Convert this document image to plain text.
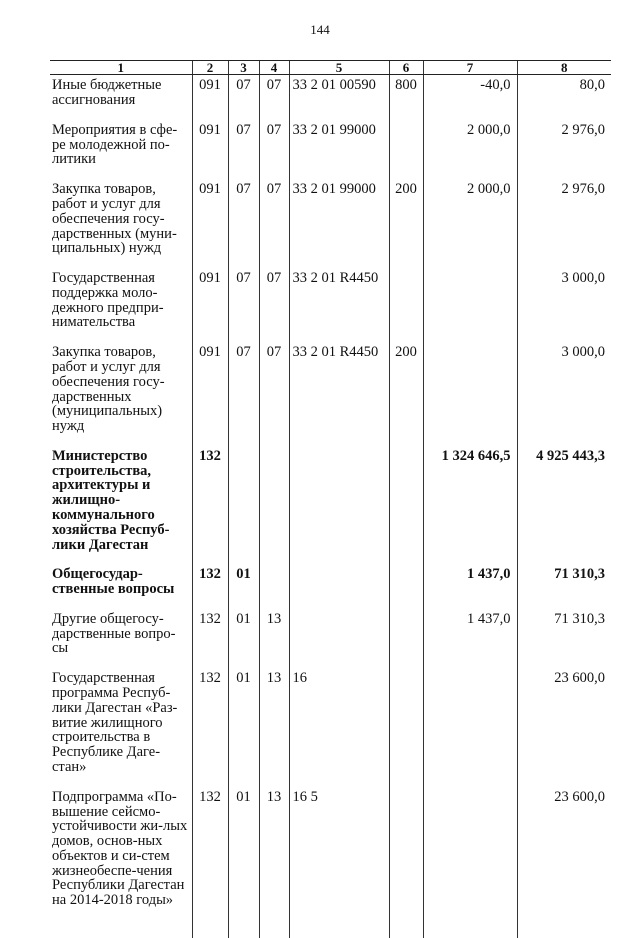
144
1	2	3	4	5	6	7	8
Иные бюджетные ассигнования	091	07	07	33 2 01 00590	800	-40,0	80,0
Мероприятия в сфе-ре молодежной по-литики	091	07	07	33 2 01 99000		2 000,0	2 976,0
Закупка товаров, работ и услуг для обеспечения госу-дарственных (муни-ципальных) нужд	091	07	07	33 2 01 99000	200	2 000,0	2 976,0
Государственная поддержка моло-дежного предпри-нимательства	091	07	07	33 2 01 R4450			3 000,0
Закупка товаров, работ и услуг для обеспечения госу-дарственных (муниципальных) нужд	091	07	07	33 2 01 R4450	200		3 000,0
Министерство строительства, архитектуры и жилищно-коммунального хозяйства Респуб-лики Дагестан	132					1 324 646,5	4 925 443,3
Общегосудар-ственные вопросы	132	01				1 437,0	71 310,3
Другие общегосу-дарственные вопро-сы	132	01	13			1 437,0	71 310,3
Государственная программа Респуб-лики Дагестан «Раз-витие жилищного строительства в Республике Даге-стан»	132	01	13	16			23 600,0
Подпрограмма «По-вышение сейсмо-устойчивости жи-лых домов, основ-ных объектов и си-стем жизнеобеспе-чения Республики Дагестан на 2014-2018 годы»	132	01	13	16 5			23 600,0
